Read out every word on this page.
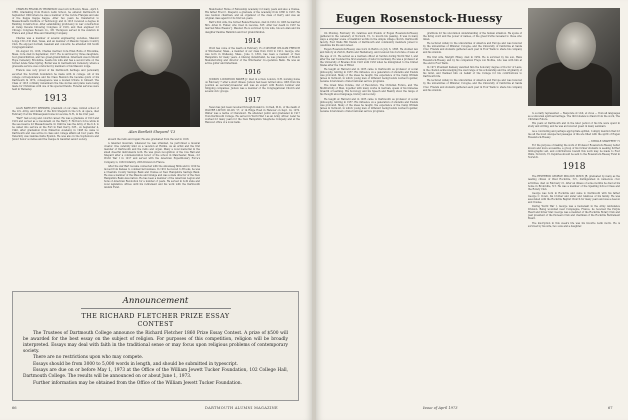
CHARLES FRANKLIN THOMPSON was born in Boston, Mass., April 3, 1889. Graduating from Boston Latin School, he entered Dartmouth in September 1909 where he was a member of the Cercle Français and also of the Kappa Kappa Kappa. After two years he transferred to Massachusetts Institute of Technology and in 1913 received a degree in Building Construction. After establishing proficiency in war construction at Camp Devens following Congress of 1916, and then engineer for Chicago Congress Bowers Co., Mr. Thompson served in the aviation in France and joined Wise and Smelting Company.

Charles was a member of several engineering societies, Masonic Lodge 159 of St Paul, Texas, and an member of Masonic Square Country Club. He enjoyed football, baseball and concerts; he attended Old South Congregationalist.

On August 19, 1916, Charles married Cora Ellen Rolfe of Brookline, Mass. Cora died in September, 1917. He is survived by three daughters, four grandchildren, and two great-grandchildren. Interment was in Mount Hope Cemetery, Brookline, beside his wife and has a second wife of, the former Adele Yates Spring. Burial was in Germantown Cemetery, where a graveside service was conducted by members of his Masonic lodge.

Francis was very proud of his Dartmouth heritage and personally escorted the Scottish foundation he made with in college. All of his college correspondence and his Class Reunion file became quick of his Dartmouth In 1972, consequence was a modest tribute to himself. The Class of 1913 cordially remembers the fine stories and plans were being made for Christmas with one of his special friends. Funeral services were held in Wellesley.

1913

ALAN BARTLETT SHEPARD, president of our class, retired school of the U.S. Army, and father of the first Shepard in the U.S. at space, died February 8 at his Winnesquam home in Laconia, N.H., in his 91st year.

"Bart" had a long and colorful career. He was a graduate of 1913 and 1919 and served as a Lieutenant on the Harry F. Horton's force while in the sea reserve for Massachusetts. In 1940 he was the Army of the U.S. to be called into service at the Fort in East Derry, N.H., on September 4, 1940, after graduation from Pinkerton Academy in 1908 he came to Dartmouth and was active in class and college affairs all four years. His fraternity was Gamma Delta Epsilon. He was also in the Sophomore and Junior honor societies and the Casque & Gauntlet senior society.

Alan Bartlett Shepard '13

aboard the radio and repair, He also graduated from the war in 1918.

A talented musician, whenever he was stranded, he performed a musical creator. One carefully kind on a vacation at Rollins. As an artist and the first member of Dartmouth and the radio and organ. Many a local memorial in the small cheerful instruments both. He was given recognition of the role Hall and Shepard after a commemoration honor of the school in Manchester, Mass., for World War I in 1917 and served with the American Expeditionary Force's Company G, 103rd Infantry, 26th Division in France.

After the war Bart became connected with the Amoskeag Mills and in 1919 he moved from Kansas to commercial business. In 1931 he moved to Brooks, he was a Cheshire County Savings Bank and trustee at New Hampshire Savings Bank. He was a member of the Masons and Grange and was a state director of the New Hampshire Bank Association. He has been a member of the American Legion and Sons of American Revolution for a number of years. He served in both state and local legislative offices until his retirement and his work with the Dartmouth Alumni Fund.

Manchester Home of Fellowship Academy for many years and also a trustee. His father Fred C. Shepard, a graduate of the Academy from 1888 to 1967. He was reunion chairman, and an organizer of the class of Derry and was an original class agent for its first ten years.

Bart's first wife, the former Renza Emerson, died in 1961. In 1963 he married Mrs. Arlen D. Fisher, who lived in Laconia, N.H. After her death in 1967 he married Miss Eleanor J. Mauder. He is survived by his wife, his son Alan and his daughter Pauline Hamilton and four grandchildren.

1914

Word has come of the death on February 15 of GEORGE WILLIAM FRENCH of Winchester, Mass., a member of our class from 1910 to 1912. George, who was born in Wellesley, Mass., June 3, 1891, has been a resident of New Hampshire for many years. A lifelong industrialist, he was president of French Manufacturing and director of the Winchester Co-operative Bank. He was an active golfer and fisherman.

1916

JUDSON LOCKWOOD BAKER Jr. died in a New London, N.H. nursing home on February 7 after a short illness. Judson had been retired since 1963 from his position as secretary-treasurer and was an expert with Boston Lumber and Shipping companies. Judson was a member of the Congregational Church and several civic groups.

1917

News has just been received through Donald G. Cornell, M.D., of the death of WALTER LISTON LILLIS '17, of 14 Ridge Road in Hanover on Sept. 14, 1972. Walter was a native of Claremont. He attended public and graduated in 1917 from Dartmouth College. He served in World War I as an Army officer. Later he worked for many years for the New Hampshire Telephone Company and at the Hanover office of a local bank.

Announcement
THE RICHARD FLETCHER PRIZE ESSAY
CONTEST

The Trustees of Dartmouth College announce the Richard Fletcher 1860 Prize Essay Contest. A prize of $500 will be awarded for the best essay on the subject of religion. For purposes of this competition, religion will be broadly interpreted. Essays may deal with faith in the traditional sense or may focus upon religious problems of contemporary society.

There are no restrictions upon who may compete.

Essays should be from 3000 to 5,000 words in length, and should be submitted in typescript.

Essays are due on or before May 1, 1973 at the Office of the William Jewett Tucker Foundation, 102 College Hall, Dartmouth College. The results will be announced on or about June 1, 1973.

Further information may be obtained from the Office of the William Jewett Tucker Foundation.

66	DARTMOUTH ALUMNI MAGAZINE
Eugen Rosenstock-Huessy

On Monday, February 26, relatives and friends of Eugen Rosenstock-Huessy gathered in the cemetery of Norwich, Vt., to mourn his passing. It was in many ways a singular scene of manifold worlds in the simple village church. Dartmouth faculty, Four Wells Hill friends of Dartmouth and community members joined to celebrate his life and career.

Eugen Rosenstock-Huessy was born in Berlin on July 6, 1888. He studied law and history at Zurich, Berlin and Heidelberg, and received his doctorate of laws at the age of 21. He served as a German officer at Verdun during World War I, and after the war founded the first academy of labor in Germany. He was a professor at the University of Breslau from 1923 until 1933 when he immigrated to the United States after the rise of Hitler.

He taught at Harvard and in 1935 came to Dartmouth as professor of social philosophy, retiring in 1957. His influence on a generation of students and friends was profound. Many of the ideas he taught, the experience of the Camp William James in Vermont, in which young men of different backgrounds worked together, became forerunners of later national service programs.

The Great Sites Volume, Out of Revolution, The Christian Future, and The Multiformity of Man, together with many works in German, speak of his immense breadth of learning. His Sociology and his Speech and Reality show the range of his thought about language, history and society.

He taught at Harvard and in 1935 came to Dartmouth as professor of social philosophy, retiring in 1957. His influence on a generation of students and friends was profound. Many of the ideas he taught, the experience of the Camp William James in Vermont, in which young men of different backgrounds worked together, became forerunners of later national service programs.

gratitude for his uncommon understanding of the human situation. He spoke of the living word and the power of names, of the great truths revealed to those who listen.

He lectured widely in the universities of America and Europe and was honored by the universities of Münster, Cologne, and the University of California at Santa Cruz. Friends and students gathered each year in Four Wells to share his company and his wisdom.

His first wife, Margrit Hüssy, died in 1959. He is survived by his son, Hans Rosenstock-Huessy, and by his companion Freya von Moltke, who was with him at the end in Four Wells.

In 1971 President Kemeny awarded him the honorary degree of Doctor of Laws, in the citation acknowledging the vast range of his scholarship and the originality of his mind, and thanked him on behalf of the College for his contributions to Dartmouth life.

He lectured widely in the universities of America and Europe and was honored by the universities of Münster, Cologne, and the University of California at Santa Cruz. Friends and students gathered each year in Four Wells to share his company and his wisdom.

to socially represented — Responde ut vivit, et vives — from all languages as a universal spiritual heritage. The third stanza is drawn from the work, The Christian Future.

His years at Dartmouth and in the later period of his life were spent in study and writing, and he was an honored guest in many seminars.

As a concluding and perhaps appropriate epithet, I simply mention that for me all the most unexpected passages of life are filled with the spirit of Eugen Rosenstock-Huessy.

— SYBILLE SHAEFFER '71

For the purpose of making the work of Professor Rosenstock-Huessy better known and more accessible, a group of his former students is seeking further bibliographic aid, and contributions toward this work may be made to Four Wells, Norwich, Vt. Inquiries should be sent to the Rosenstock-Huessy Fund in Norwich.

1918

The REVEREND GEORGE MILLION DOWN JR. graduated by many as the leading citizen of West Rockville, N.Y., distinguished in numerous civic activities, died on February 21. After an illness of some months he died at his home in Bronxville, N.Y. He was a member of the Spalding School Class and the Rotary Club.

George was born in Rockville and came to Dartmouth with his father George C. Down, his brother and sister and relatives of his family. He was associated with the Rockville Baptist Church for many years and was a deacon and trustee.

During World War I, George was a lieutenant in the Army Ambulance Division. Being wounded near Compiegne, France, he received the Purple Heart and Silver Star. George was a member of the Rockville Rotary Club and past president of the Pioneers Club and chairman of the Rockville Retirement Board.

The inscription in this week's life was his favorite Latin motto. He is survived by his wife, two sons and a daughter.

Issue of April 1973	67
